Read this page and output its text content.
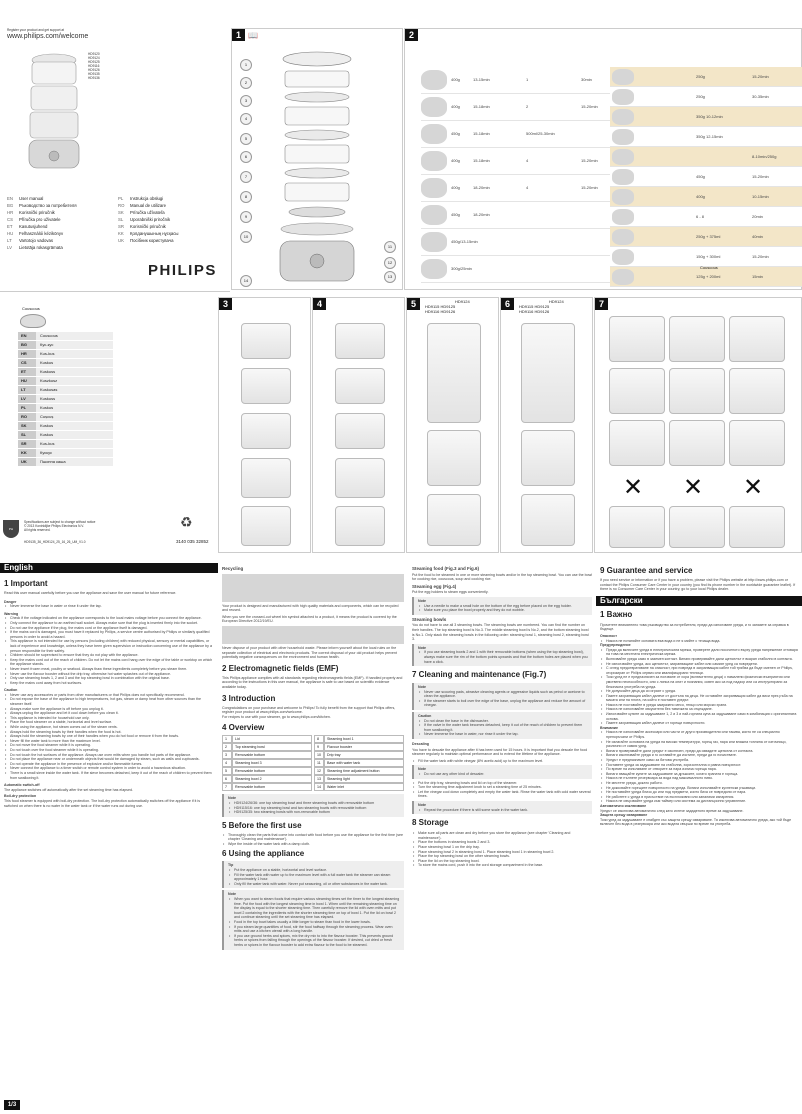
Register your product and get support at
www.philips.com/welcome
HD9120
HD9124
HD9125
HD9116
HD9126
HD9135
HD9136
EN	User manual
BG	Ръководство за потребителя
HR	Korisnički priručnik
CS	Příručka pro uživatele
ET	Kasutusjuhend
HU	Felhasználói kézikönyv
LT	Vartotojo vadovas
LV	Lietotāja rokasgrāmata
PL	Instrukcja obsługi
RO	Manual de utilizare
SK	Príručka užívateľa
SL	Uporabniški priročnik
SR	Korisnički priručnik
KK	Қолданушының нұсқасы
UK	Посібник користувача
PHILIPS
Couscous
EN	Couscous
BG	Кус-кус
HR	Kus-kus
CS	Kuskus
ET	Kuskuss
HU	Kuszkusz
LT	Kuskusas
LV	Kuskuss
PL	Kuskus
RO	Cușcuș
SK	Kuskus
SL	Kuskus
SR	Kus-kus
KK	Кускус
UK	Пшонна каша
PH
Specifications are subject to change without notice
© 2013 Koninklijke Philips Electronics N.V.
All rights reserved.	♻
HD9135_36_HD9124_25_16_26_UM_V1.0	3140 035 32852
1 📖
1
2
3
4
5
6
7
8
9
10
11
12
13
14
2
400g	13-15min	1	30min
400g	15-18min	2	15-20min
450g	15-18min	500ml/25-30min
400g	15-18min	4	15-20min
400g	18-20min	4	15-20min
450g	18-20min
450g/13-15min
300g/25min
250g	15-20min
250g	30-35min
350g 10-12min
350g 12-15min
8-10min/250g
450g	15-20min
400g	10-15min
6 - 8	20min
250g + 375ml	40min
150g + 300ml	15-20min
125g + 200ml	15min
Couscous
3	4	5	HD9124
HD9115 HD9125
HD9116 HD9126
6	HD9124
HD9115 HD9125
HD9116 HD9126
7
✕ ✕ ✕
English
1 Important
Read this user manual carefully before you use the appliance and save the user manual for future reference.
Danger
• Never immerse the base in water or rinse it under the tap.
Warning
• Check if the voltage indicated on the appliance corresponds to the local mains voltage before you connect the appliance.
• Only connect the appliance to an earthed wall socket. Always make sure that the plug is inserted firmly into the socket.
• Do not use the appliance if the plug, the mains cord or the appliance itself is damaged.
• If the mains cord is damaged, you must have it replaced by Philips, a service centre authorised by Philips or similarly qualified persons in order to avoid a hazard.
• This appliance is not intended for use by persons (including children) with reduced physical, sensory or mental capabilities, or lack of experience and knowledge, unless they have been given supervision or instruction concerning use of the appliance by a person responsible for their safety.
• Children should be supervised to ensure that they do not play with the appliance.
• Keep the mains cord out of the reach of children. Do not let the mains cord hang over the edge of the table or worktop on which the appliance stands.
• Never insert frozen meat, poultry or seafood. Always thaw these ingredients completely before you steam them.
• Never use the flavour booster without the drip tray, otherwise hot water splashes out of the appliance.
• Only use steaming bowls 1, 2 and 3 and the top steaming bowl in combination with the original base.
• Keep the mains cord away from hot surfaces.
Caution
• Never use any accessories or parts from other manufacturers or that Philips does not specifically recommend.
• Do not expose the base of the appliance to high temperatures, hot gas, steam or damp heat from other sources than the steamer itself.
• Always make sure the appliance is off before you unplug it.
• Always unplug the appliance and let it cool down before you clean it.
• This appliance is intended for household use only.
• Place the food steamer on a stable, horizontal and level surface.
• While using the appliance, hot steam comes out of the steam vents.
• Always hold the steaming bowls by their handles when the food is hot.
• Always hold the steaming bowls by one of their handles when you do hot food or remove it from the bowls.
• Never fill the water tank to more than the maximum level.
• Do not move the food steamer while it is operating.
• Do not touch over the food steamer while it is operating.
• Do not touch the hot surfaces of the appliance. Always use oven mitts when you handle hot parts of the appliance.
• Do not place the appliance near or underneath objects that would be damaged by steam, such as walls and cupboards.
• Do not operate the appliance in the presence of explosive and/or flammable fumes.
• Never connect the appliance to a timer switch or remote control system in order to avoid a hazardous situation.
• There is a small sieve inside the water tank. If the sieve becomes detached, keep it out of the reach of children to prevent them from swallowing it.
Automatic switch-off
The appliance switches off automatically after the set steaming time has elapsed.
Boil-dry protection
This food steamer is equipped with boil-dry protection. The boil-dry protection automatically switches off the appliance if it is switched on when there is no water in the water tank or if the water runs out during use.
1/3
Recycling
Your product is designed and manufactured with high quality materials and components, which can be recycled and reused.
When you see the crossed-out wheel bin symbol attached to a product, it means the product is covered by the European Directive 2012/19/EU.
Never dispose of your product with other household waste. Please inform yourself about the local rules on the separate collection of electrical and electronic products. The correct disposal of your old product helps prevent potentially negative consequences on the environment and human health.
2 Electromagnetic fields (EMF)
This Philips appliance complies with all standards regarding electromagnetic fields (EMF). If handled properly and according to the instructions in this user manual, the appliance is safe to use based on scientific evidence available today.
3 Introduction
Congratulations on your purchase and welcome to Philips! To fully benefit from the support that Philips offers, register your product at www.philips.com/welcome.
For recipes to use with your steamer, go to www.philips.com/kitchen.
4 Overview
1	Lid
2	Top steaming bowl
3	Removable bottom
4	Steaming bowl 3
5	Removable bottom
6	Steaming bowl 2
7	Removable bottom
8	Steaming bowl 1
9	Flavour booster
10	Drip tray
11	Base with water tank
12	Steaming time adjustment button
13	Steaming light
14	Water inlet
Note
• HD9124/26/36: one top steaming bowl and three steaming bowls with removable bottom
• HD9115/16: one top steaming bowl and two steaming bowls with removable bottom
• HD9125/35: two steaming bowls with non-removable bottom
5 Before the first use
• Thoroughly clean the parts that come into contact with food before you use the appliance for the first time (see chapter 'Cleaning and maintenance').
• Wipe the inside of the water tank with a damp cloth.
6 Using the appliance
Tip
• Put the appliance on a stable, horizontal and level surface.
• Fill the water tank with water up to the maximum level with a full water tank the steamer can steam approximately 1 hour.
• Only fill the water tank with water. Never put seasoning, oil or other substances in the water tank.
Note
• When you want to steam foods that require various steaming times set the timer to the longest steaming time. Put the food with the longest steaming time in bowl 1. When until the remaining steaming time on the display is equal to the shorter steaming time. Then carefully remove the lid with oven mitts and put bowl 2 containing the ingredients with the shorter steaming time on top of bowl 1. Put the lid on bowl 2 and continue steaming until the set steaming time has elapsed.
• Food in the top bowl takes usually a little longer to steam than food in the lower bowls.
• If you steam large quantities of food, stir the food halfway through the steaming process. Wear oven mitts and use a kitchen utensil with a long handle.
• If you use ground herbs and spices, mix the dry mix to into the flavour booster. This prevents ground herbs or spices from falling through the openings of the flavour booster. If desired, cut dried or fresh herbs or spices in the flavour booster to add extra flavour to the food to be steamed.
Steaming food (Fig.3 and Fig.6)
Put the food to be steamed in one or more steaming bowls and/or in the top steaming bowl. You can use the bowl for cooking rice, couscous, soup and cooking rice.
Steaming egg (Fig.4)
Put the egg holders to steam eggs conveniently.
Note
• Use a needle to make a small hole on the bottom of the egg before placed on the egg holder.
• Make sure you place the bowl properly and they do not wobble.
Steaming bowls
You do not have to use all 3 steaming bowls. The steaming bowls are numbered. You can find the number on their handles. The top steaming bowl is No.3. The middle steaming bowl is No.2, and the bottom steaming bowl is No.1. Only stack the steaming bowls in the following order: steaming bowl 1, steaming bowl 2, steaming bowl 3.
Note
• If you use steaming bowls 2 and 1 with their removable bottoms (when using the top steaming bowl), always make sure the rim of the bottom points upwards and that the bottom holes are placed when you have a click.
7 Cleaning and maintenance (Fig.7)
Note
• Never use scouring pads, abrasive cleaning agents or aggressive liquids such as petrol or acetone to clean the appliance.
• If the steamer starts to boil over the edge of the base, unplug the appliance and reduce the amount of vinegar.
Caution
• Do not clean the base in the dishwasher.
• If the valve in the water tank becomes detached, keep it out of the reach of children to prevent them from swallowing it.
• Never immerse the base in water, nor rinse it under the tap.
Descaling
You have to descale the appliance after it has been used for 15 hours. It is important that you descale the food steamer regularly to maintain optimal performance and to extend the lifetime of the appliance.
• Fill the water tank with white vinegar (8% acetic acid) up to the maximum level.
Note
• Do not use any other kind of descaler.
• Put the drip tray, steaming bowls and lid on top of the steamer.
• Turn the steaming time adjustment knob to set a steaming time of 25 minutes.
• Let the vinegar cool down completely and empty the water tank. Rinse the water tank with cold water several times.
Note
• Repeat the procedure if there is still some scale in the water tank.
8 Storage
• Make sure all parts are clean and dry before you store the appliance (see chapter 'Cleaning and maintenance').
• Place the bottoms in steaming bowls 2 and 3.
• Place steaming bowl 1 on the drip tray.
• Place steaming bowl 2 in steaming bowl 1. Place steaming bowl 1 in steaming bowl 2.
• Place the top steaming bowl on the other steaming bowls.
• Place the lid on the top steaming bowl.
• To store the mains cord, push it into the cord storage compartment in the base.
9 Guarantee and service
If you need service or information or if you have a problem, please visit the Philips website at http://www.philips.com or contact the Philips Consumer Care Center in your country (you find its phone number in the worldwide guarantee leaflet). If there is no Consumer Care Center in your country, go to your local Philips dealer.
Български
1 Важно
Прочетете внимателно това ръководство за потребителя, преди да използвате уреда, и го запазете за справка в бъдеще.
Опасност
• Никога не потапяйте основата във вода и не я мийте с течаща вода.
Предупреждение
• Преди да включите уреда в електрическата мрежа, проверете дали посоченото върху уреда напрежение отговаря на това на местната електрическа мрежа.
• Включвайте уреда само в заземен контакт. Винаги проверявайте дали щепселът е вкаран стабилно в контакта.
• Не използвайте уреда, ако щепселът, захранващият кабел или самият уред са повредени.
• С оглед предотвратяване на опасност, при повреда в захранващия кабел той трябва да бъде сменен от Philips, оторизиран от Philips сервиз или квалифицирани техници.
• Този уред не е предназначен за ползване от хора (включително деца) с намалени физически възприятия или умствени неспособности, или с липса на опит и познания, освен ако са под надзор или са инструктирани за безопасна употреба на уреда.
• Не допускайте деца да си играят с уреда.
• Пазете захранващия кабел далече от достъпа на деца. Не оставяйте захранващия кабел да виси през ръба на масата или на плота, на който е поставен уредът.
• Никога не поставяйте в уреда замразено месо, птици или морски храни.
• Никога не използвайте овкусителя без тавичката за отцеждане.
• Използвайте купите за задушаване 1, 2 и 3 и най-горната купа за задушаване само в комбинация с оригиналната основа.
• Пазете захранващия кабел далече от горещи повърхности.
Внимание
• Никога не използвайте аксесоари или части от други производители или такива, които не са специално препоръчани от Philips.
• Не излагайте основата на уреда на високи температури, горещ газ, пара или влажна топлина от източници, различни от самия уред.
• Винаги проверявайте дали уредът е изключен, преди да извадите щепсела от контакта.
• Винаги изключвайте уреда и го оставяйте да изстине, преди да го почиствате.
• Уредът е предназначен само за битова употреба.
• Поставете уреда за задушаване на стабилна, хоризонтална и равна повърхност.
• По време на използване от отворите за пара излиза гореща пара.
• Винаги хващайте купите за задушаване за дръжките, когато храната е гореща.
• Никога не пълнете резервоара за вода над максималното ниво.
• Не местете уреда, докато работи.
• Не докосвайте горещите повърхности на уреда. Винаги използвайте кухненски ръкавици.
• Не поставяйте уреда близо до или под предмети, които биха се повредили от пара.
• Не работете с уреда в присъствие на експлозивни или запалими изпарения.
• Никога не свързвайте уреда към таймер или система за дистанционно управление.
Автоматично изключване
Уредът се изключва автоматично след като изтече зададеното време за задушаване.
Защита срещу изваряване
Този уред за задушаване е снабден със защита срещу изваряване. Тя изключва автоматично уреда, ако той бъде включен без вода в резервоара или ако водата свърши по време на употреба.
